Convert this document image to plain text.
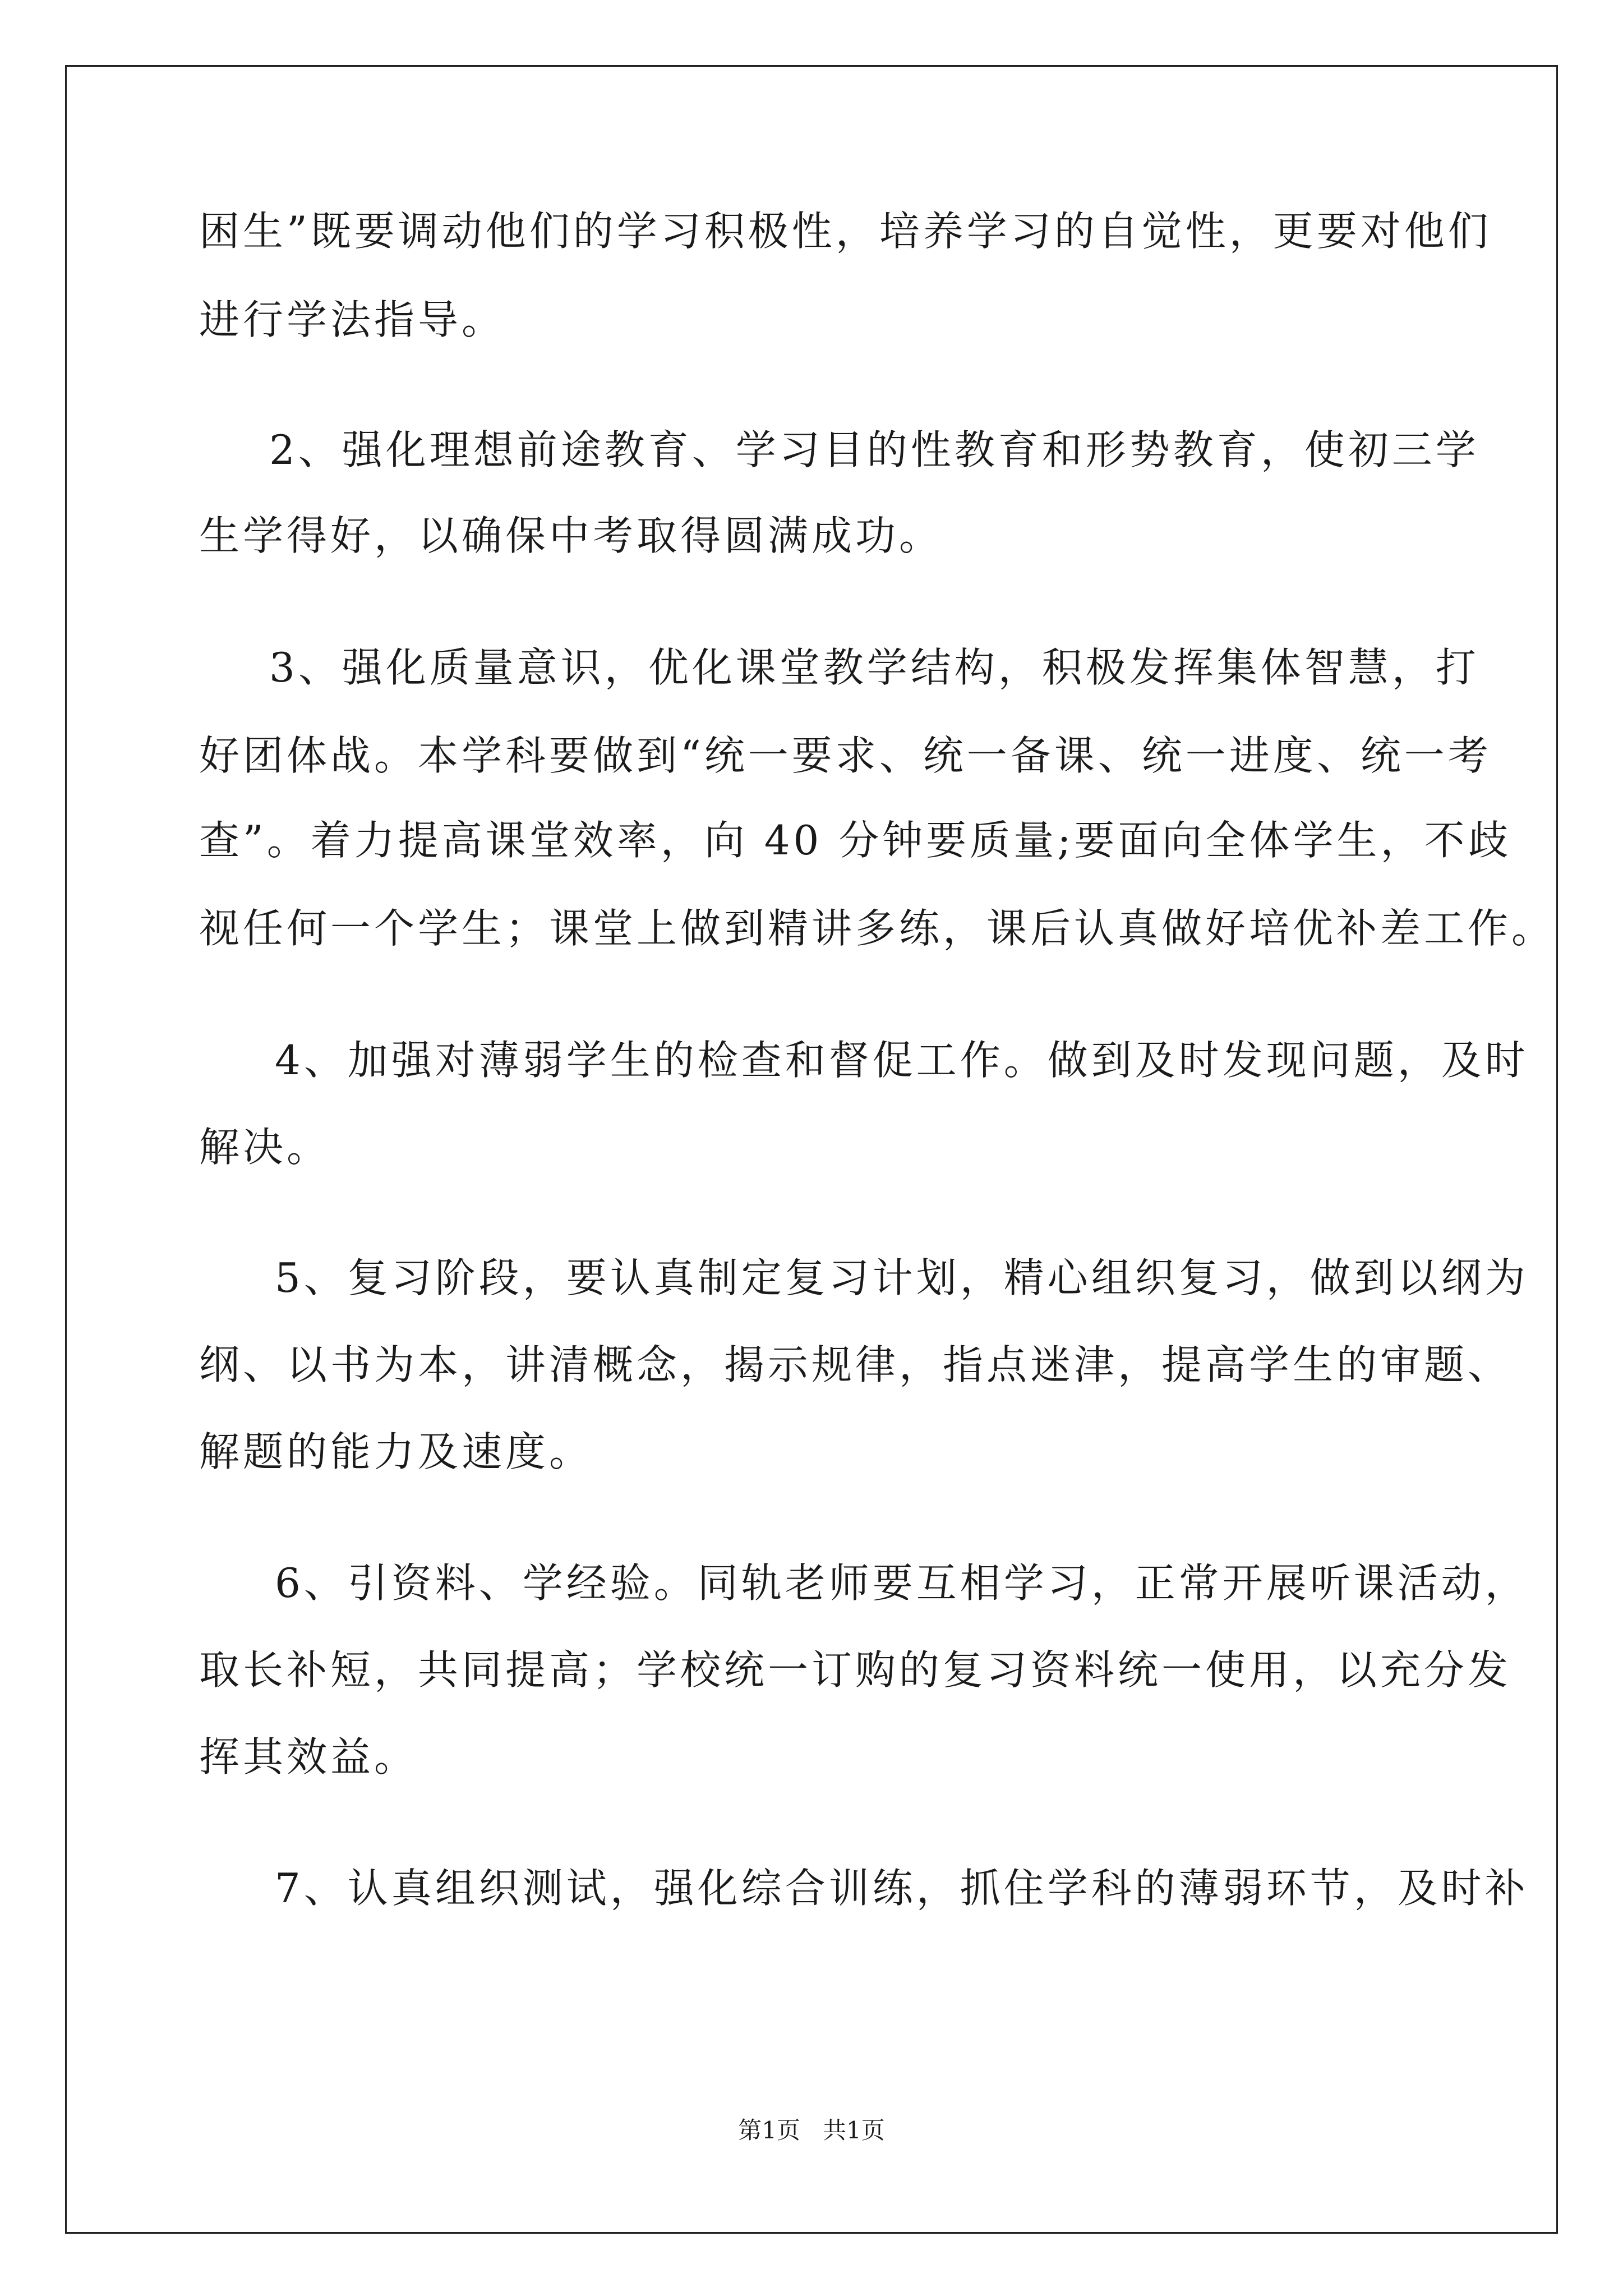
困生”既要调动他们的学习积极性，培养学习的自觉性，更要对他们

进行学法指导。

2、强化理想前途教育、学习目的性教育和形势教育，使初三学

生学得好，以确保中考取得圆满成功。

3、强化质量意识，优化课堂教学结构，积极发挥集体智慧，打

好团体战。本学科要做到“统一要求、统一备课、统一进度、统一考

查”。着力提高课堂效率，向 40 分钟要质量;要面向全体学生，不歧

视任何一个学生；课堂上做到精讲多练，课后认真做好培优补差工作。

4、加强对薄弱学生的检查和督促工作。做到及时发现问题，及时

解决。

5、复习阶段，要认真制定复习计划，精心组织复习，做到以纲为

纲、以书为本，讲清概念，揭示规律，指点迷津，提高学生的审题、

解题的能力及速度。

6、引资料、学经验。同轨老师要互相学习，正常开展听课活动，

取长补短，共同提高；学校统一订购的复习资料统一使用，以充分发

挥其效益。

7、认真组织测试，强化综合训练，抓住学科的薄弱环节，及时补

第1页   共1页
